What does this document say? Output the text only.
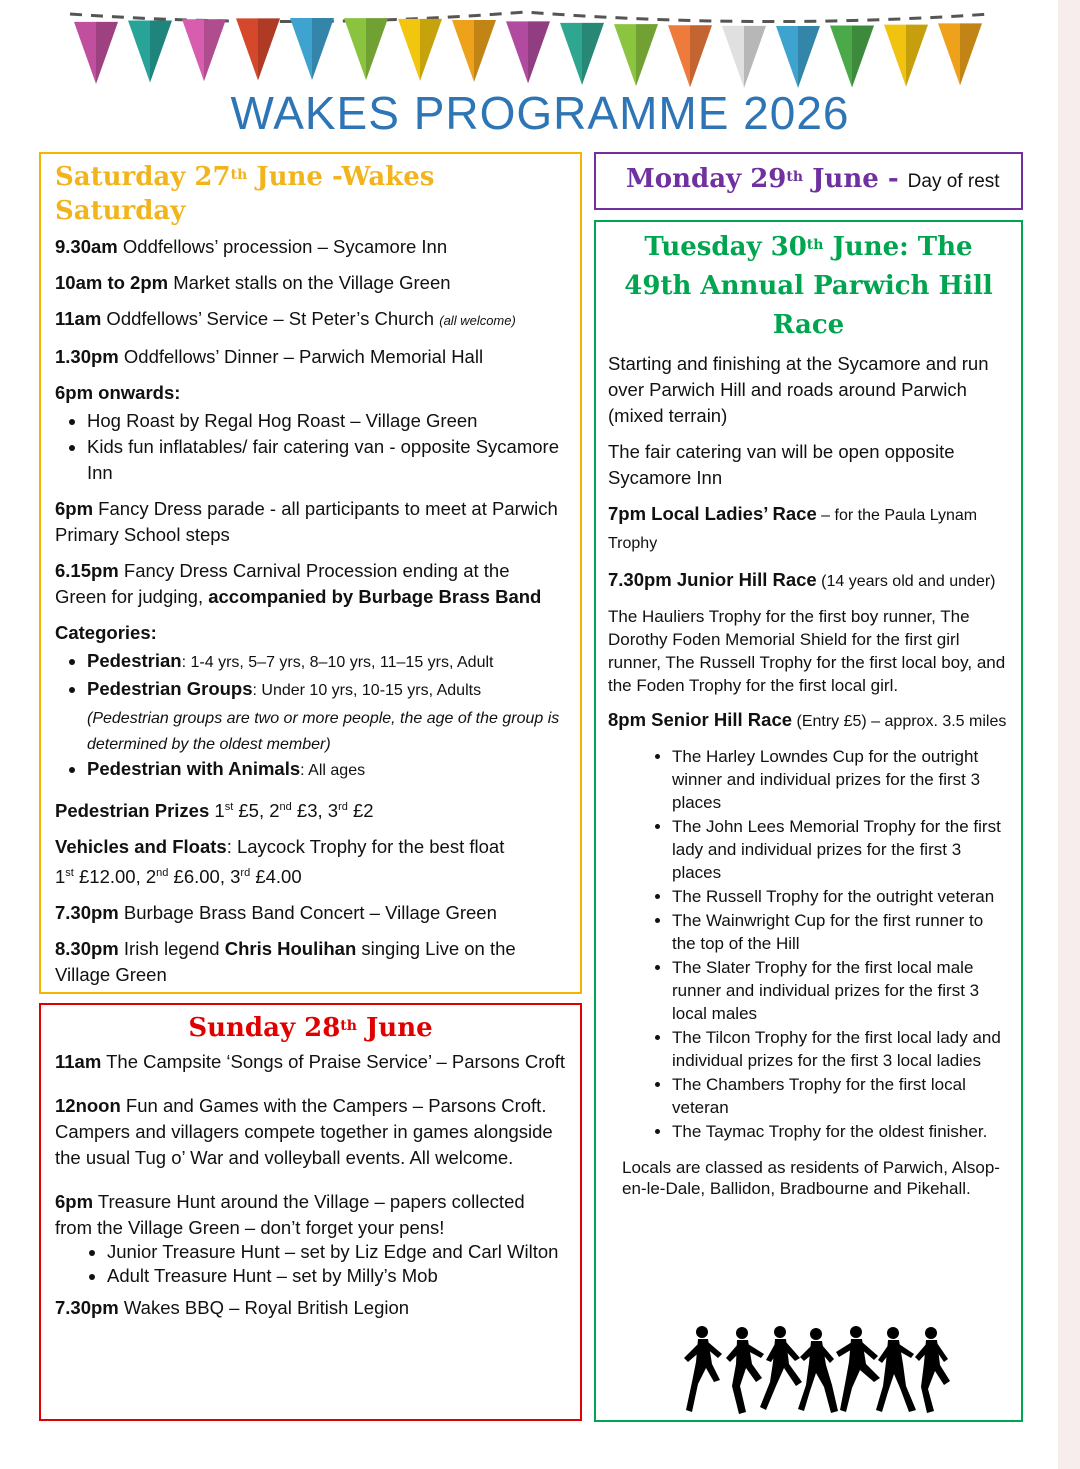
WAKES PROGRAMME 2026
Saturday 27th June -Wakes Saturday

9.30am Oddfellows’ procession – Sycamore Inn

10am to 2pm Market stalls on the Village Green

11am Oddfellows’ Service – St Peter’s Church (all welcome)

1.30pm Oddfellows’ Dinner – Parwich Memorial Hall

6pm onwards:

• Hog Roast by Regal Hog Roast – Village Green
• Kids fun inflatables/ fair catering van - opposite Sycamore Inn

6pm Fancy Dress parade - all participants to meet at Parwich Primary School steps

6.15pm Fancy Dress Carnival Procession ending at the Green for judging, accompanied by Burbage Brass Band

Categories:

• Pedestrian: 1-4 yrs, 5–7 yrs, 8–10 yrs, 11–15 yrs, Adult
• Pedestrian Groups: Under 10 yrs, 10-15 yrs, Adults
(Pedestrian groups are two or more people, the age of the group is determined by the oldest member)
• Pedestrian with Animals: All ages

Pedestrian Prizes 1st £5, 2nd £3, 3rd £2

Vehicles and Floats: Laycock Trophy for the best float
1st £12.00, 2nd £6.00, 3rd £4.00

7.30pm Burbage Brass Band Concert – Village Green

8.30pm Irish legend Chris Houlihan singing Live on the Village Green

Sunday 28th June

11am The Campsite ‘Songs of Praise Service’ – Parsons Croft

12noon Fun and Games with the Campers – Parsons Croft. Campers and villagers compete together in games alongside the usual Tug o’ War and volleyball events. All welcome.

6pm Treasure Hunt around the Village – papers collected from the Village Green – don’t forget your pens!

• Junior Treasure Hunt – set by Liz Edge and Carl Wilton
• Adult Treasure Hunt – set by Milly’s Mob

7.30pm Wakes BBQ – Royal British Legion

Monday 29th June - Day of rest
Tuesday 30th June: The 49th Annual Parwich Hill Race

Starting and finishing at the Sycamore and run over Parwich Hill and roads around Parwich (mixed terrain)

The fair catering van will be open opposite Sycamore Inn

7pm Local Ladies’ Race – for the Paula Lynam Trophy

7.30pm Junior Hill Race (14 years old and under)

The Hauliers Trophy for the first boy runner, The Dorothy Foden Memorial Shield for the first girl runner, The Russell Trophy for the first local boy, and the Foden Trophy for the first local girl.

8pm Senior Hill Race (Entry £5) – approx. 3.5 miles

• The Harley Lowndes Cup for the outright winner and individual prizes for the first 3 places
• The John Lees Memorial Trophy for the first lady and individual prizes for the first 3 places
• The Russell Trophy for the outright veteran
• The Wainwright Cup for the first runner to the top of the Hill
• The Slater Trophy for the first local male runner and individual prizes for the first 3 local males
• The Tilcon Trophy for the first local lady and individual prizes for the first 3 local ladies
• The Chambers Trophy for the first local veteran
• The Taymac Trophy for the oldest finisher.

Locals are classed as residents of Parwich, Alsop-en-le-Dale, Ballidon, Bradbourne and Pikehall.
